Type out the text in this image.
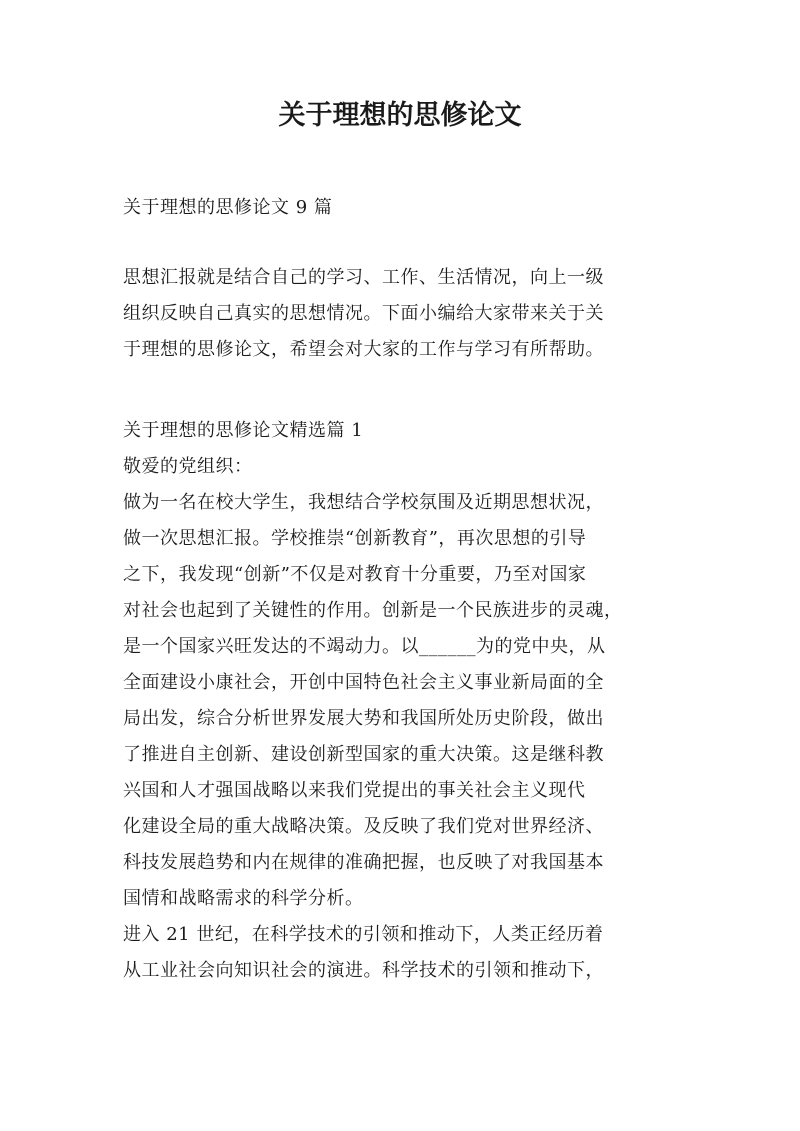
关于理想的思修论文

关于理想的思修论文 9 篇

思想汇报就是结合自己的学习、工作、生活情况，向上一级
组织反映自己真实的思想情况。下面小编给大家带来关于关
于理想的思修论文，希望会对大家的工作与学习有所帮助。
关于理想的思修论文精选篇 1
敬爱的党组织：
做为一名在校大学生，我想结合学校氛围及近期思想状况，
做一次思想汇报。学校推崇“创新教育”，再次思想的引导
之下，我发现“创新”不仅是对教育十分重要，乃至对国家
对社会也起到了关键性的作用。创新是一个民族进步的灵魂，
是一个国家兴旺发达的不竭动力。以______为的党中央，从
全面建设小康社会，开创中国特色社会主义事业新局面的全
局出发，综合分析世界发展大势和我国所处历史阶段，做出
了推进自主创新、建设创新型国家的重大决策。这是继科教
兴国和人才强国战略以来我们党提出的事关社会主义现代
化建设全局的重大战略决策。及反映了我们党对世界经济、
科技发展趋势和内在规律的准确把握，也反映了对我国基本
国情和战略需求的科学分析。
进入 21 世纪，在科学技术的引领和推动下，人类正经历着
从工业社会向知识社会的演进。科学技术的引领和推动下，
